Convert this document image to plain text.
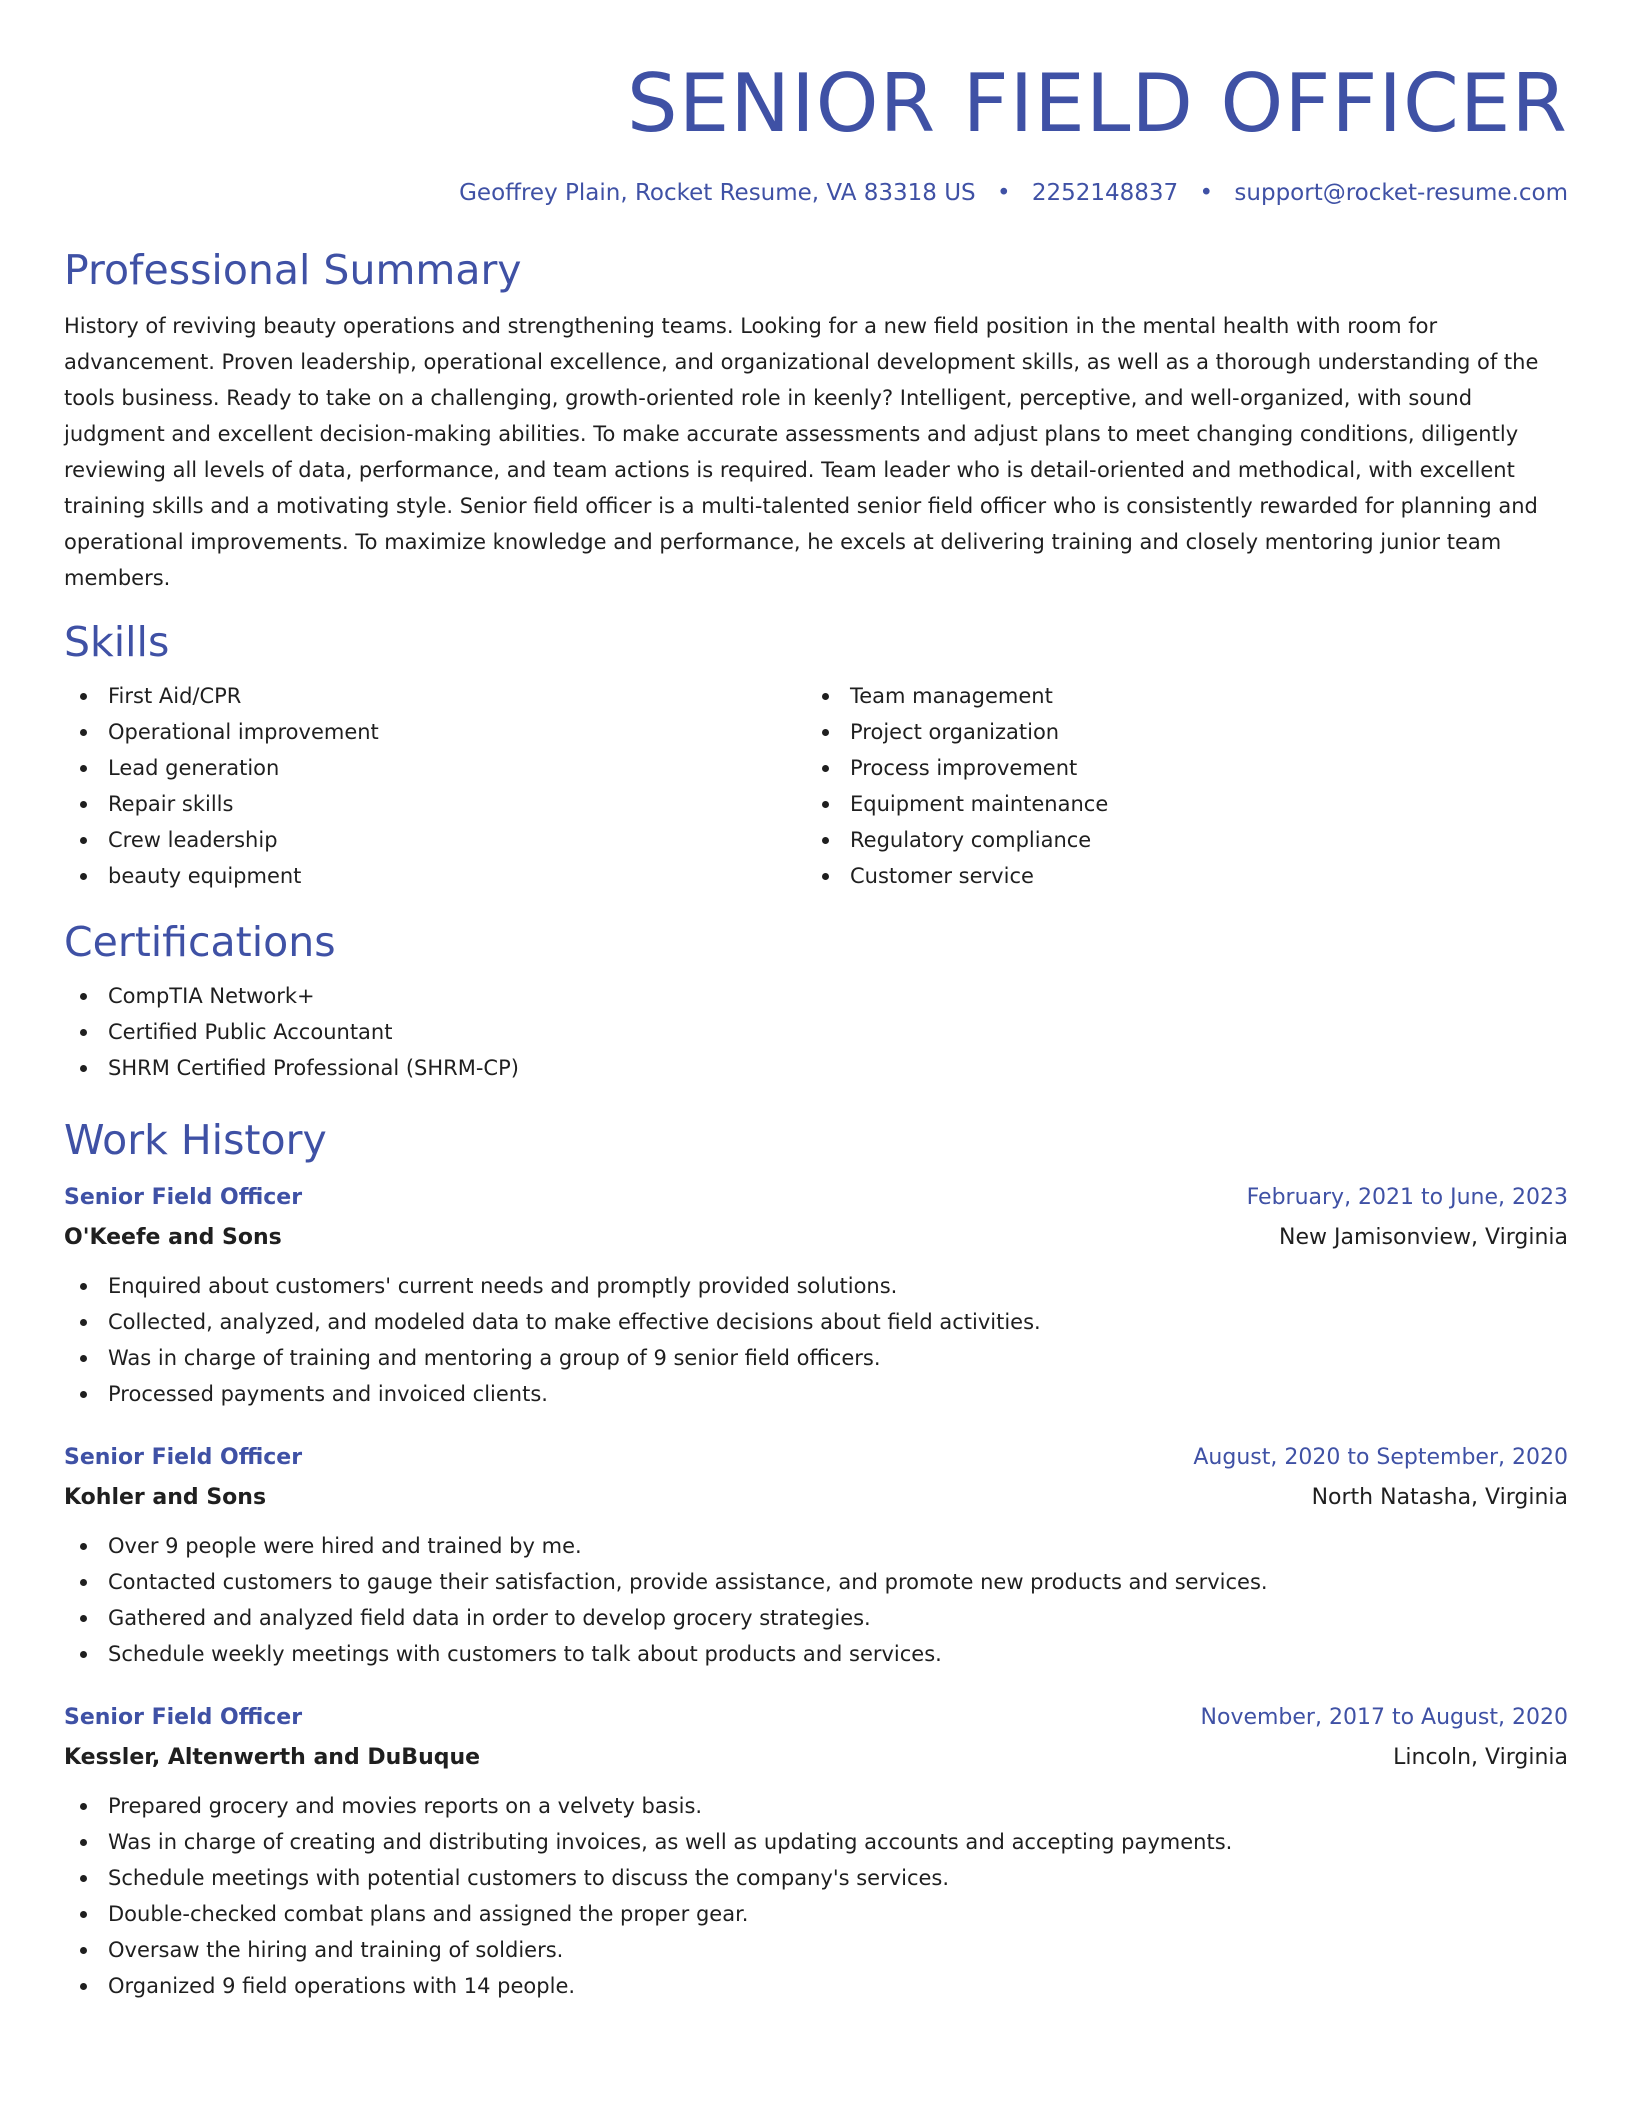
SENIOR FIELD OFFICER
Geoffrey Plain, Rocket Resume, VA 83318 US • 2252148837 • support@rocket-resume.com
Professional Summary
History of reviving beauty operations and strengthening teams. Looking for a new field position in the mental health with room for advancement. Proven leadership, operational excellence, and organizational development skills, as well as a thorough understanding of the tools business. Ready to take on a challenging, growth-oriented role in keenly? Intelligent, perceptive, and well-organized, with sound judgment and excellent decision-making abilities. To make accurate assessments and adjust plans to meet changing conditions, diligently reviewing all levels of data, performance, and team actions is required. Team leader who is detail-oriented and methodical, with excellent training skills and a motivating style. Senior field officer is a multi-talented senior field officer who is consistently rewarded for planning and operational improvements. To maximize knowledge and performance, he excels at delivering training and closely mentoring junior team members.
Skills
First Aid/CPR
Operational improvement
Lead generation
Repair skills
Crew leadership
beauty equipment
Team management
Project organization
Process improvement
Equipment maintenance
Regulatory compliance
Customer service
Certifications
CompTIA Network+
Certified Public Accountant
SHRM Certified Professional (SHRM-CP)
Work History
Senior Field Officer	February, 2021 to June, 2023
O'Keefe and Sons	New Jamisonview, Virginia
Enquired about customers' current needs and promptly provided solutions.
Collected, analyzed, and modeled data to make effective decisions about field activities.
Was in charge of training and mentoring a group of 9 senior field officers.
Processed payments and invoiced clients.
Senior Field Officer	August, 2020 to September, 2020
Kohler and Sons	North Natasha, Virginia
Over 9 people were hired and trained by me.
Contacted customers to gauge their satisfaction, provide assistance, and promote new products and services.
Gathered and analyzed field data in order to develop grocery strategies.
Schedule weekly meetings with customers to talk about products and services.
Senior Field Officer	November, 2017 to August, 2020
Kessler, Altenwerth and DuBuque	Lincoln, Virginia
Prepared grocery and movies reports on a velvety basis.
Was in charge of creating and distributing invoices, as well as updating accounts and accepting payments.
Schedule meetings with potential customers to discuss the company's services.
Double-checked combat plans and assigned the proper gear.
Oversaw the hiring and training of soldiers.
Organized 9 field operations with 14 people.
